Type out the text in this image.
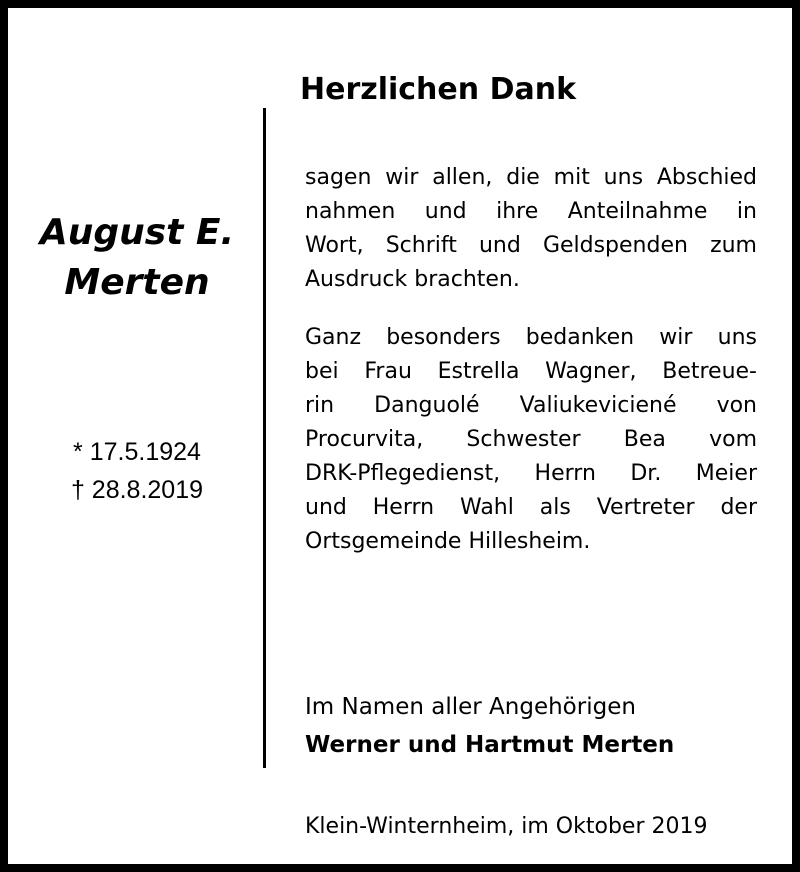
August E.
Merten
* 17.5.1924
† 28.8.2019
Herzlichen Dank
sagen wir allen, die mit uns Abschied
nahmen und ihre Anteilnahme in
Wort, Schrift und Geldspenden zum
Ausdruck brachten.
Ganz besonders bedanken wir uns
bei Frau Estrella Wagner, Betreue-
rin Danguolé Valiukeviciené von
Procurvita, Schwester Bea vom
DRK-Pflegedienst, Herrn Dr. Meier
und Herrn Wahl als Vertreter der
Ortsgemeinde Hillesheim.
Im Namen aller Angehörigen
Werner und Hartmut Merten
Klein-Winternheim, im Oktober 2019
